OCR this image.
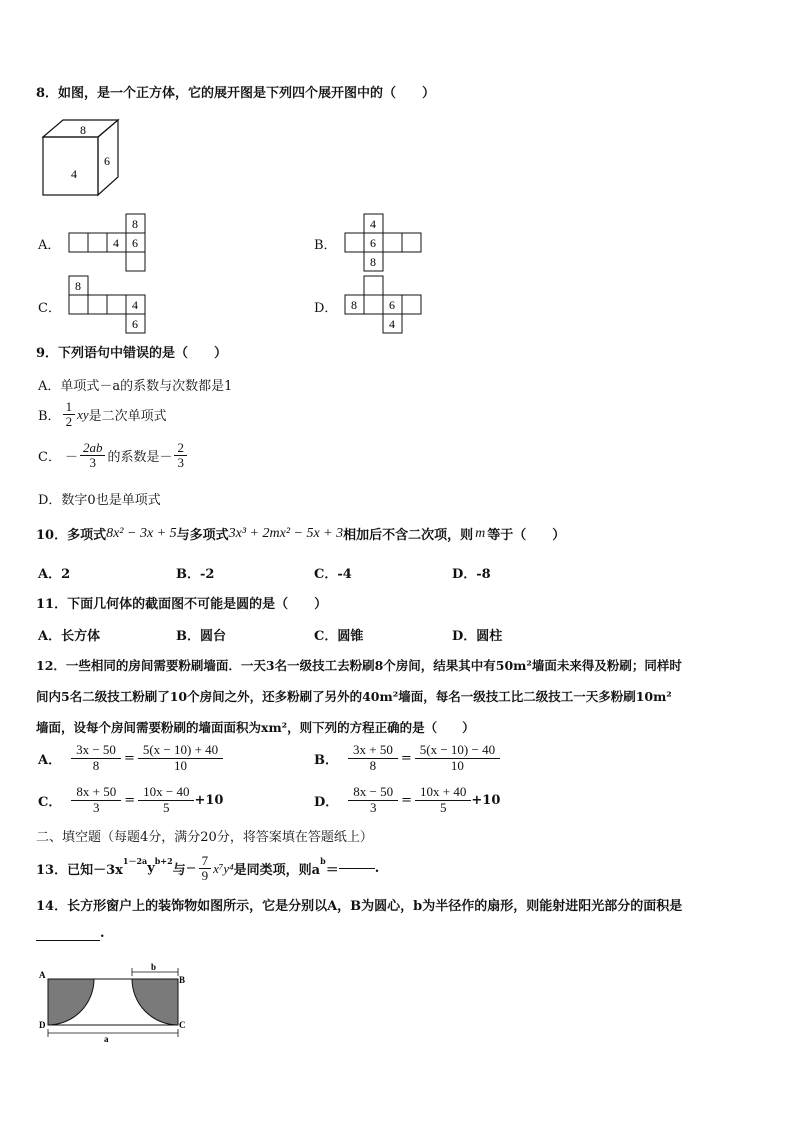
8．如图，是一个正方体，它的展开图是下列四个展开图中的（　　）
8
6
4
A．
8
4 6	B．
4
6
8
C．
8
4
6
D． 8	6
4
9．下列语句中错误的是（　　）
A．单项式－a的系数与次数都是1
B． $\frac{1}{2}$ xy 是二次单项式
C． － $\frac{2ab}{3}$ 的系数是－ $\frac{2}{3}$
D．数字0也是单项式
10．多项式 8x² − 3x + 5 与多项式 3x³ + 2mx² − 5x + 3 相加后不含二次项，则 m 等于（　　）
A．2	B．-2	C．-4	D．-8
11．下面几何体的截面图不可能是圆的是（　　）
A．长方体	B．圆台	C．圆锥	D．圆柱
12．一些相同的房间需要粉刷墙面．一天3名一级技工去粉刷8个房间，结果其中有50m²墙面未来得及粉刷；同样时
间内5名二级技工粉刷了10个房间之外，还多粉刷了另外的40m²墙面，每名一级技工比二级技工一天多粉刷10m²
墙面，设每个房间需要粉刷的墙面面积为xm²，则下列的方程正确的是（　　）
A． $\frac{3x - 50}{8} = \frac{5(x - 10) + 40}{10}$	B． $\frac{3x + 50}{8} = \frac{5(x - 10) - 40}{10}$
C． $\frac{8x + 50}{3} = \frac{10x - 40}{5} +10$	D． $\frac{8x - 50}{3} = \frac{10x + 40}{5} +10$
二、填空题（每题4分，满分20分，将答案填在答题纸上）
13．已知－3x
$^{1-2a}$
y
$^{b+2}$
与 − $\frac{7}{9} x^7y^4$ 是同类项，则a
$^b$
＝	.
14．长方形窗户上的装饰物如图所示，它是分别以A，B为圆心，b为半径作的扇形，则能射进阳光部分的面积是
.
A	B
C
D
b
a
